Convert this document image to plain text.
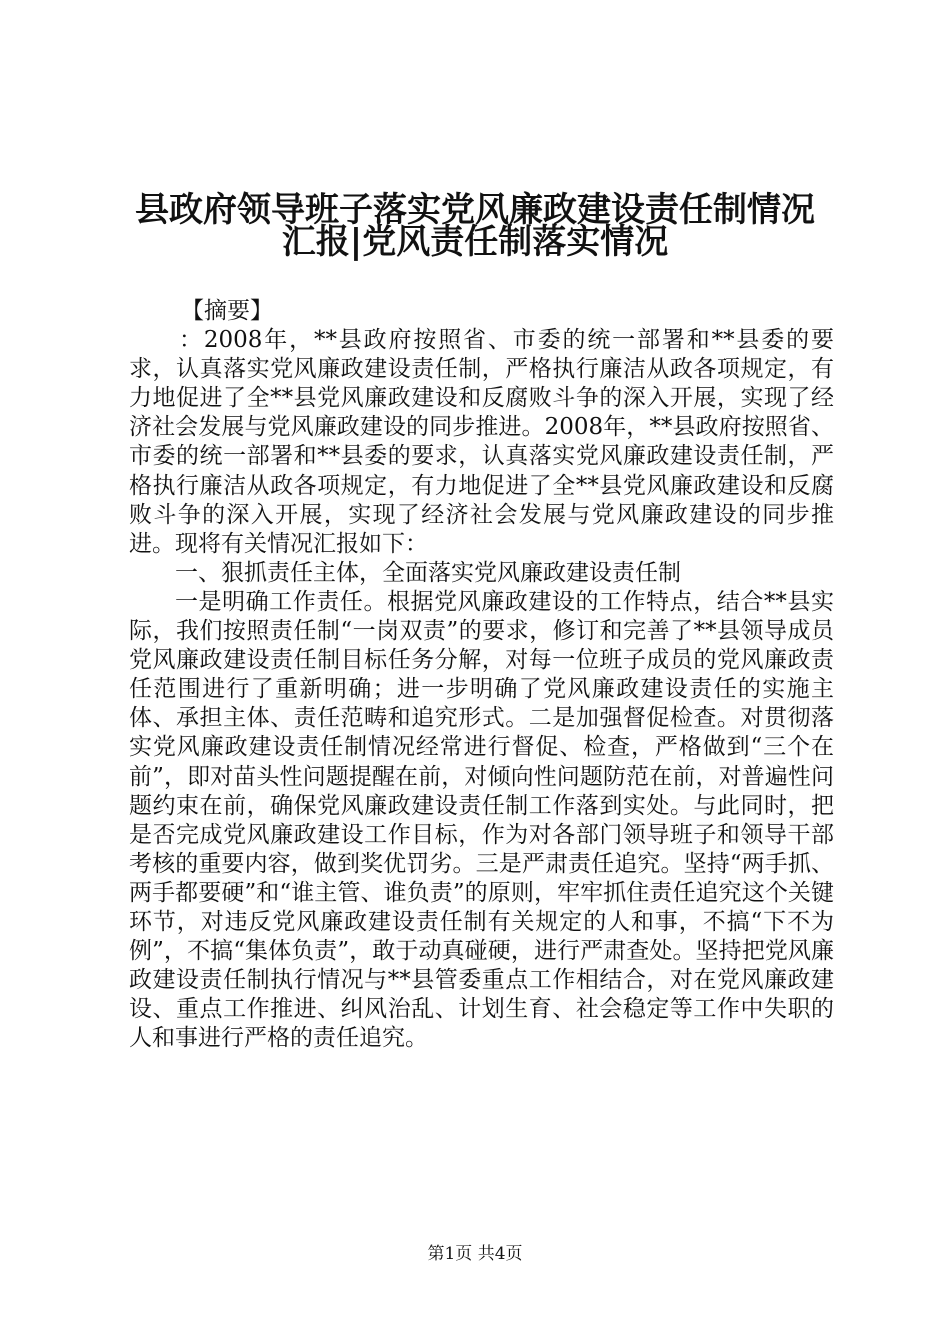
县政府领导班子落实党风廉政建设责任制情况
汇报|党风责任制落实情况

【摘要】

：2008年，**县政府按照省、市委的统一部署和**县委的要求，认真落实党风廉政建设责任制，严格执行廉洁从政各项规定，有力地促进了全**县党风廉政建设和反腐败斗争的深入开展，实现了经济社会发展与党风廉政建设的同步推进。2008年，**县政府按照省、市委的统一部署和**县委的要求，认真落实党风廉政建设责任制，严格执行廉洁从政各项规定，有力地促进了全**县党风廉政建设和反腐败斗争的深入开展，实现了经济社会发展与党风廉政建设的同步推进。现将有关情况汇报如下：

一、狠抓责任主体，全面落实党风廉政建设责任制

一是明确工作责任。根据党风廉政建设的工作特点，结合**县实际，我们按照责任制“一岗双责”的要求，修订和完善了**县领导成员党风廉政建设责任制目标任务分解，对每一位班子成员的党风廉政责任范围进行了重新明确；进一步明确了党风廉政建设责任的实施主体、承担主体、责任范畴和追究形式。二是加强督促检查。对贯彻落实党风廉政建设责任制情况经常进行督促、检查，严格做到“三个在前”，即对苗头性问题提醒在前，对倾向性问题防范在前，对普遍性问题约束在前，确保党风廉政建设责任制工作落到实处。与此同时，把是否完成党风廉政建设工作目标，作为对各部门领导班子和领导干部考核的重要内容，做到奖优罚劣。三是严肃责任追究。坚持“两手抓、两手都要硬”和“谁主管、谁负责”的原则，牢牢抓住责任追究这个关键环节，对违反党风廉政建设责任制有关规定的人和事，不搞“下不为例”，不搞“集体负责”，敢于动真碰硬，进行严肃查处。坚持把党风廉政建设责任制执行情况与**县管委重点工作相结合，对在党风廉政建设、重点工作推进、纠风治乱、计划生育、社会稳定等工作中失职的人和事进行严格的责任追究。

第1页 共4页
